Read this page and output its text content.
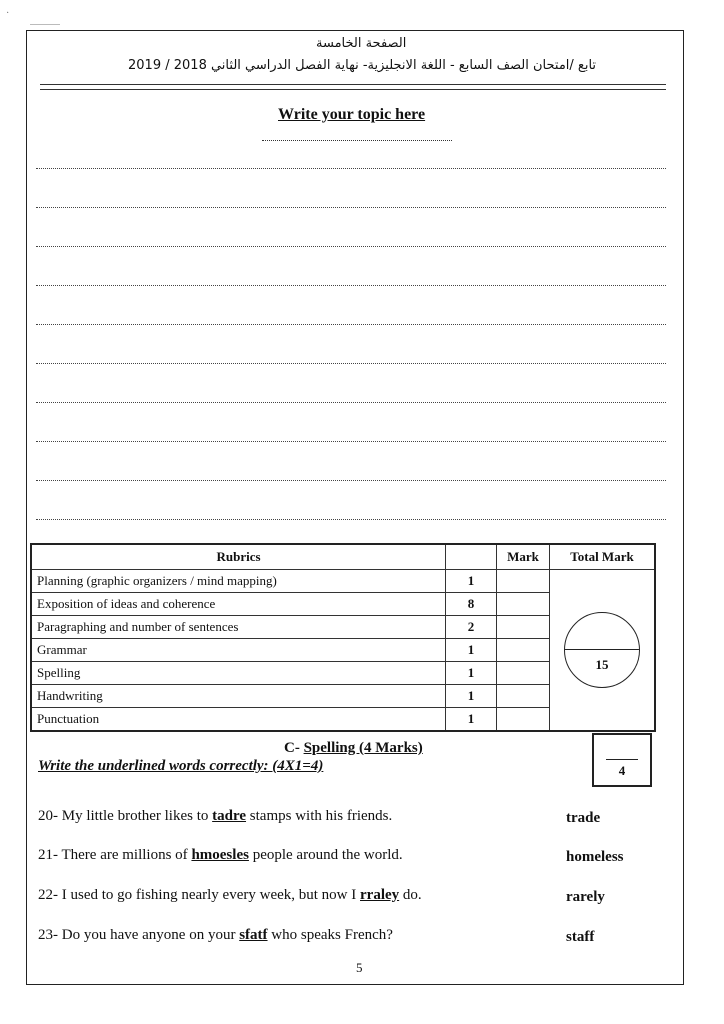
·
الصفحة الخامسة
تابع /امتحان الصف السابع - اللغة الانجليزية- نهاية الفصل الدراسي الثاني 2018 / 2019
Write your topic here
Rubrics		Mark	Total Mark
Planning (graphic organizers / mind mapping)	1		15

Exposition of ideas and coherence	8		
Paragraphing and number of sentences	2		
Grammar	1		
Spelling	1		
Handwriting	1		
Punctuation	1		
C- Spelling (4 Marks)
Write the underlined words correctly: (4X1=4)	4
20- My little brother likes to tadre stamps with his friends.	trade
21- There are millions of hmoesles people around the world.	homeless
22- I used to go fishing nearly every week, but now I rraley do.	rarely
23- Do you have anyone on your sfatf who speaks French?	staff
5
